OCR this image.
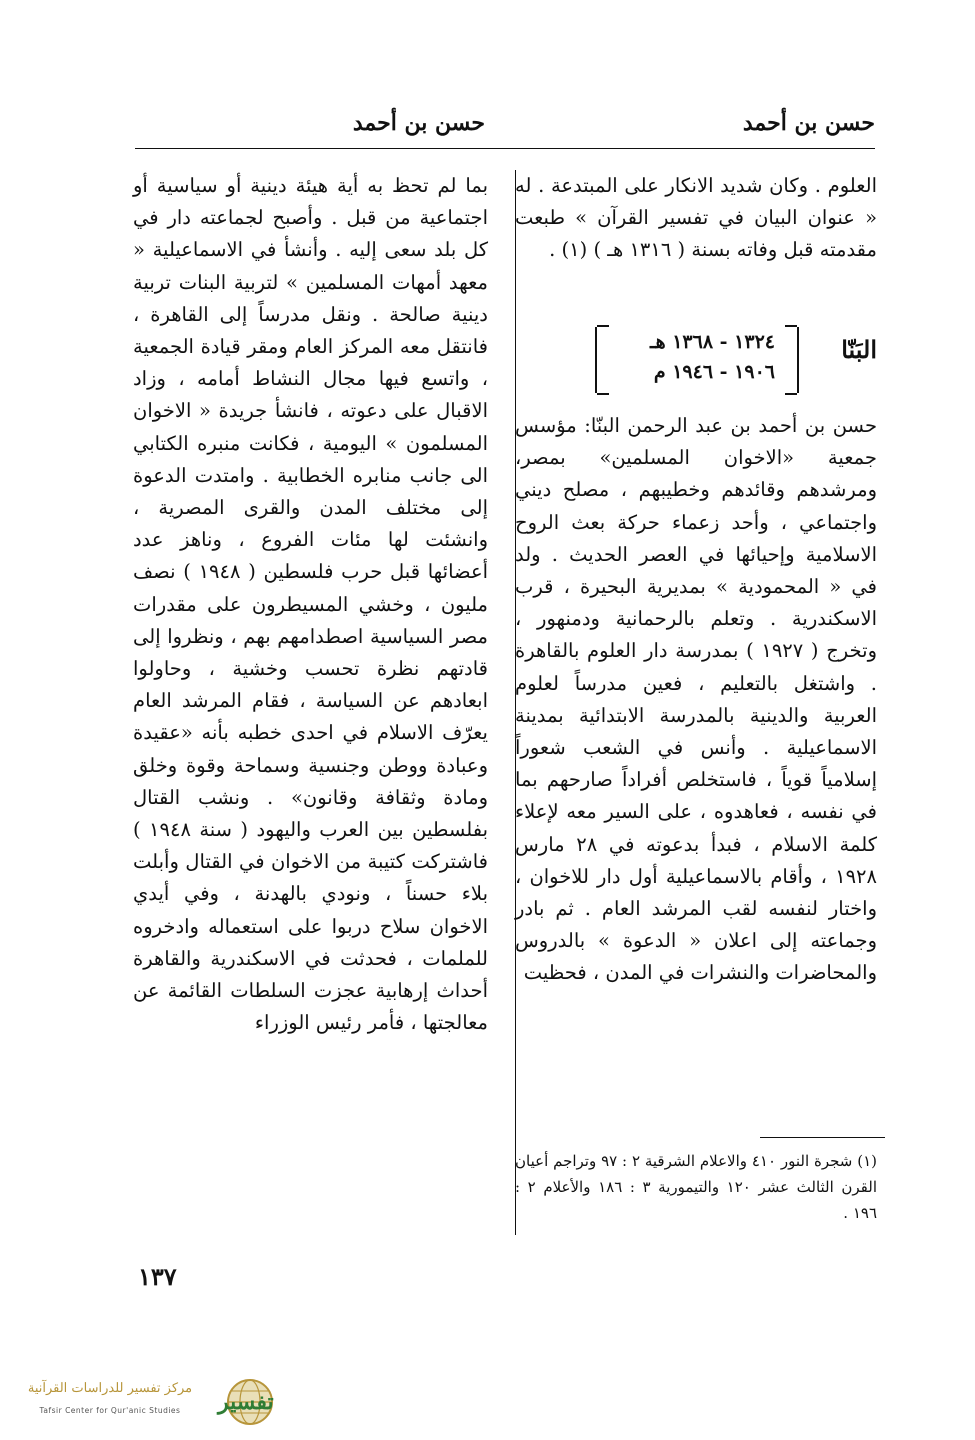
حسن بن أحمد
حسن بن أحمد

العلوم . وكان شديد الانكار على المبتدعة . له « عنوان البيان في تفسير القرآن » طبعت مقدمته قبل وفاته بسنة ( ١٣١٦ هـ ) (١) .

البَنّا
١٣٢٤ - ١٣٦٨ هـ
١٩٠٦ - ١٩٤٦ م

حسن بن أحمد بن عبد الرحمن البنّا: مؤسس جمعية «الاخوان المسلمين» بمصر، ومرشدهم وقائدهم وخطيبهم ، مصلح ديني واجتماعي ، وأحد زعماء حركة بعث الروح الاسلامية وإحيائها في العصر الحديث . ولد في « المحمودية » بمديرية البحيرة ، قرب الاسكندرية . وتعلم بالرحمانية ودمنهور ، وتخرج ( ١٩٢٧ ) بمدرسة دار العلوم بالقاهرة . واشتغل بالتعليم ، فعين مدرساً لعلوم العربية والدينية بالمدرسة الابتدائية بمدينة الاسماعيلية . وأنس في الشعب شعوراً إسلامياً قوياً ، فاستخلص أفراداً صارحهم بما في نفسه ، فعاهدوه ، على السير معه لإعلاء كلمة الاسلام ، فبدأ بدعوته في ٢٨ مارس ١٩٢٨ ، وأقام بالاسماعيلية أول دار للاخوان ، واختار لنفسه لقب المرشد العام . ثم بادر وجماعته إلى اعلان « الدعوة » بالدروس والمحاضرات والنشرات في المدن ، فحظيت

بما لم تحظ به أية هيئة دينية أو سياسية أو اجتماعية من قبل . وأصبح لجماعته دار في كل بلد سعى إليه . وأنشأ في الاسماعيلية « معهد أمهات المسلمين » لتربية البنات تربية دينية صالحة . ونقل مدرساً إلى القاهرة ، فانتقل معه المركز العام ومقر قيادة الجمعية ، واتسع فيها مجال النشاط أمامه ، وزاد الاقبال على دعوته ، فانشأ جريدة « الاخوان المسلمون » اليومية ، فكانت منبره الكتابي الى جانب منابره الخطابية . وامتدت الدعوة إلى مختلف المدن والقرى المصرية ، وانشئت لها مئات الفروع ، وناهز عدد أعضائها قبل حرب فلسطين ( ١٩٤٨ ) نصف مليون ، وخشي المسيطرون على مقدرات مصر السياسية اصطدامهم بهم ، ونظروا إلى قادتهم نظرة تحسب وخشية ، وحاولوا ابعادهم عن السياسة ، فقام المرشد العام يعرّف الاسلام في احدى خطبه بأنه «عقيدة وعبادة ووطن وجنسية وسماحة وقوة وخلق ومادة وثقافة وقانون» . ونشب القتال بفلسطين بين العرب واليهود ( سنة ١٩٤٨ ) فاشتركت كتيبة من الاخوان في القتال وأبلت بلاء حسناً ، ونودي بالهدنة ، وفي أيدي الاخوان سلاح دربوا على استعماله وادخروه للملمات ، فحدثت في الاسكندرية والقاهرة أحداث إرهابية عجزت السلطات القائمة عن معالجتها ، فأمر رئيس الوزراء

(١) شجرة النور ٤١٠ والاعلام الشرقية ٢ : ٩٧ وتراجم أعيان القرن الثالث عشر ١٢٠ والتيمورية ٣ : ١٨٦ والأعلام ٢ : ١٩٦ .
١٣٧
تفسير
مركز تفسير للدراسات القرآنية
Tafsir Center for Qur'anic Studies
